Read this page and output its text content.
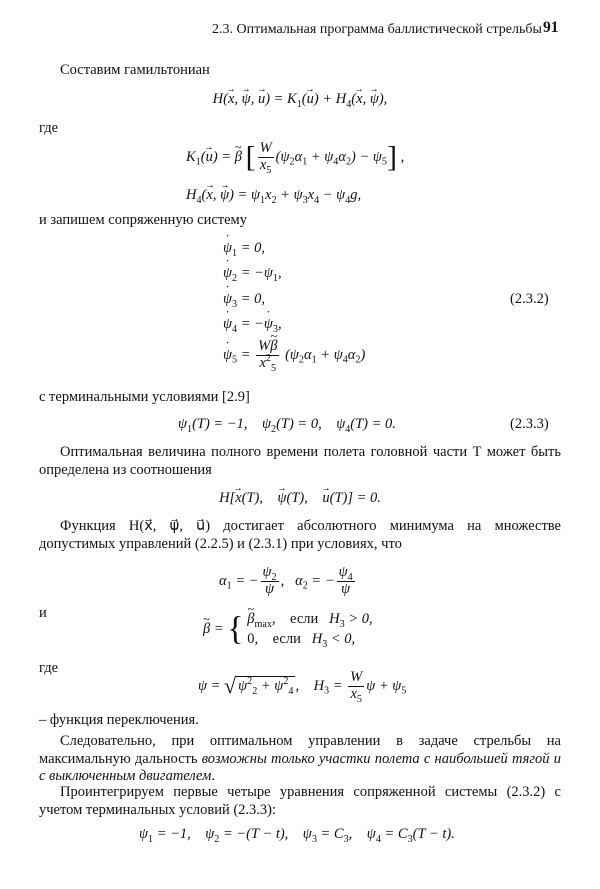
2.3. Оптимальная программа баллистической стрельбы 91
Составим гамильтониан
H(x →, ψ →, u →) = $K_1(u$ →) + $H_4(x$ →, ψ →),
где
$K_1(u$ →) = β ~ [ $\frac{W}{x_5} (\psi_2\alpha_1 + \psi_4\alpha_2) - \psi_5$] ,
$H_4(x$ →, ψ →) = $\psi_1x_2 + \psi_3x_4 - \psi_4g$,
и запишем сопряженную систему
ψ $˙_1 = 0$,
ψ $˙_2 = -\psi_1$,
ψ $˙_3 = 0$,
ψ $˙_4 = -\psi$ $˙_3$,
ψ $˙_5 = \frac{W\beta \sim}{x^2_5} (\psi_2\alpha_1 + \psi_4\alpha_2)$
(2.3.2)
с терминальными условиями [2.9]
$\psi_1(T) = -1$,    $\psi_2(T) = 0$,    $\psi_4(T) = 0$.	(2.3.3)
Оптимальная величина полного времени полета головной части T может быть определена из соотношения
H[x →(T),    ψ →(T),    u →(T)] = 0.
Функция H(x⃗, ψ⃗, u⃗) достигает абсолютного минимума на множестве допустимых управлений (2.2.5) и (2.3.1) при условиях, что
$\alpha_1$ = − $\frac{\psi_2}{\psi}$ ,   $\alpha_2$ = − $\frac{\psi_4}{\psi}$
и
β ~ = { β $\sim_{max}$,    если   $H_3 > 0$,
0,    если   $H_3 < 0$,
где
ψ = √ $\psi^2_2 + \psi^2_4$ ,    $H_3 = \frac{W}{x_5}$ $\psi + \psi_5$
– функция переключения.
Следовательно, при оптимальном управлении в задаче стрельбы на максимальную дальность возможны только участки полета с наибольшей тягой и с выключенным двигателем.
Проинтегрируем первые четыре уравнения сопряженной системы (2.3.2) с учетом терминальных условий (2.3.3):
$\psi_1 = -1$,    $\psi_2 = -(T - t)$,    $\psi_3 = C_3$,    $\psi_4 = C_3(T - t)$.
